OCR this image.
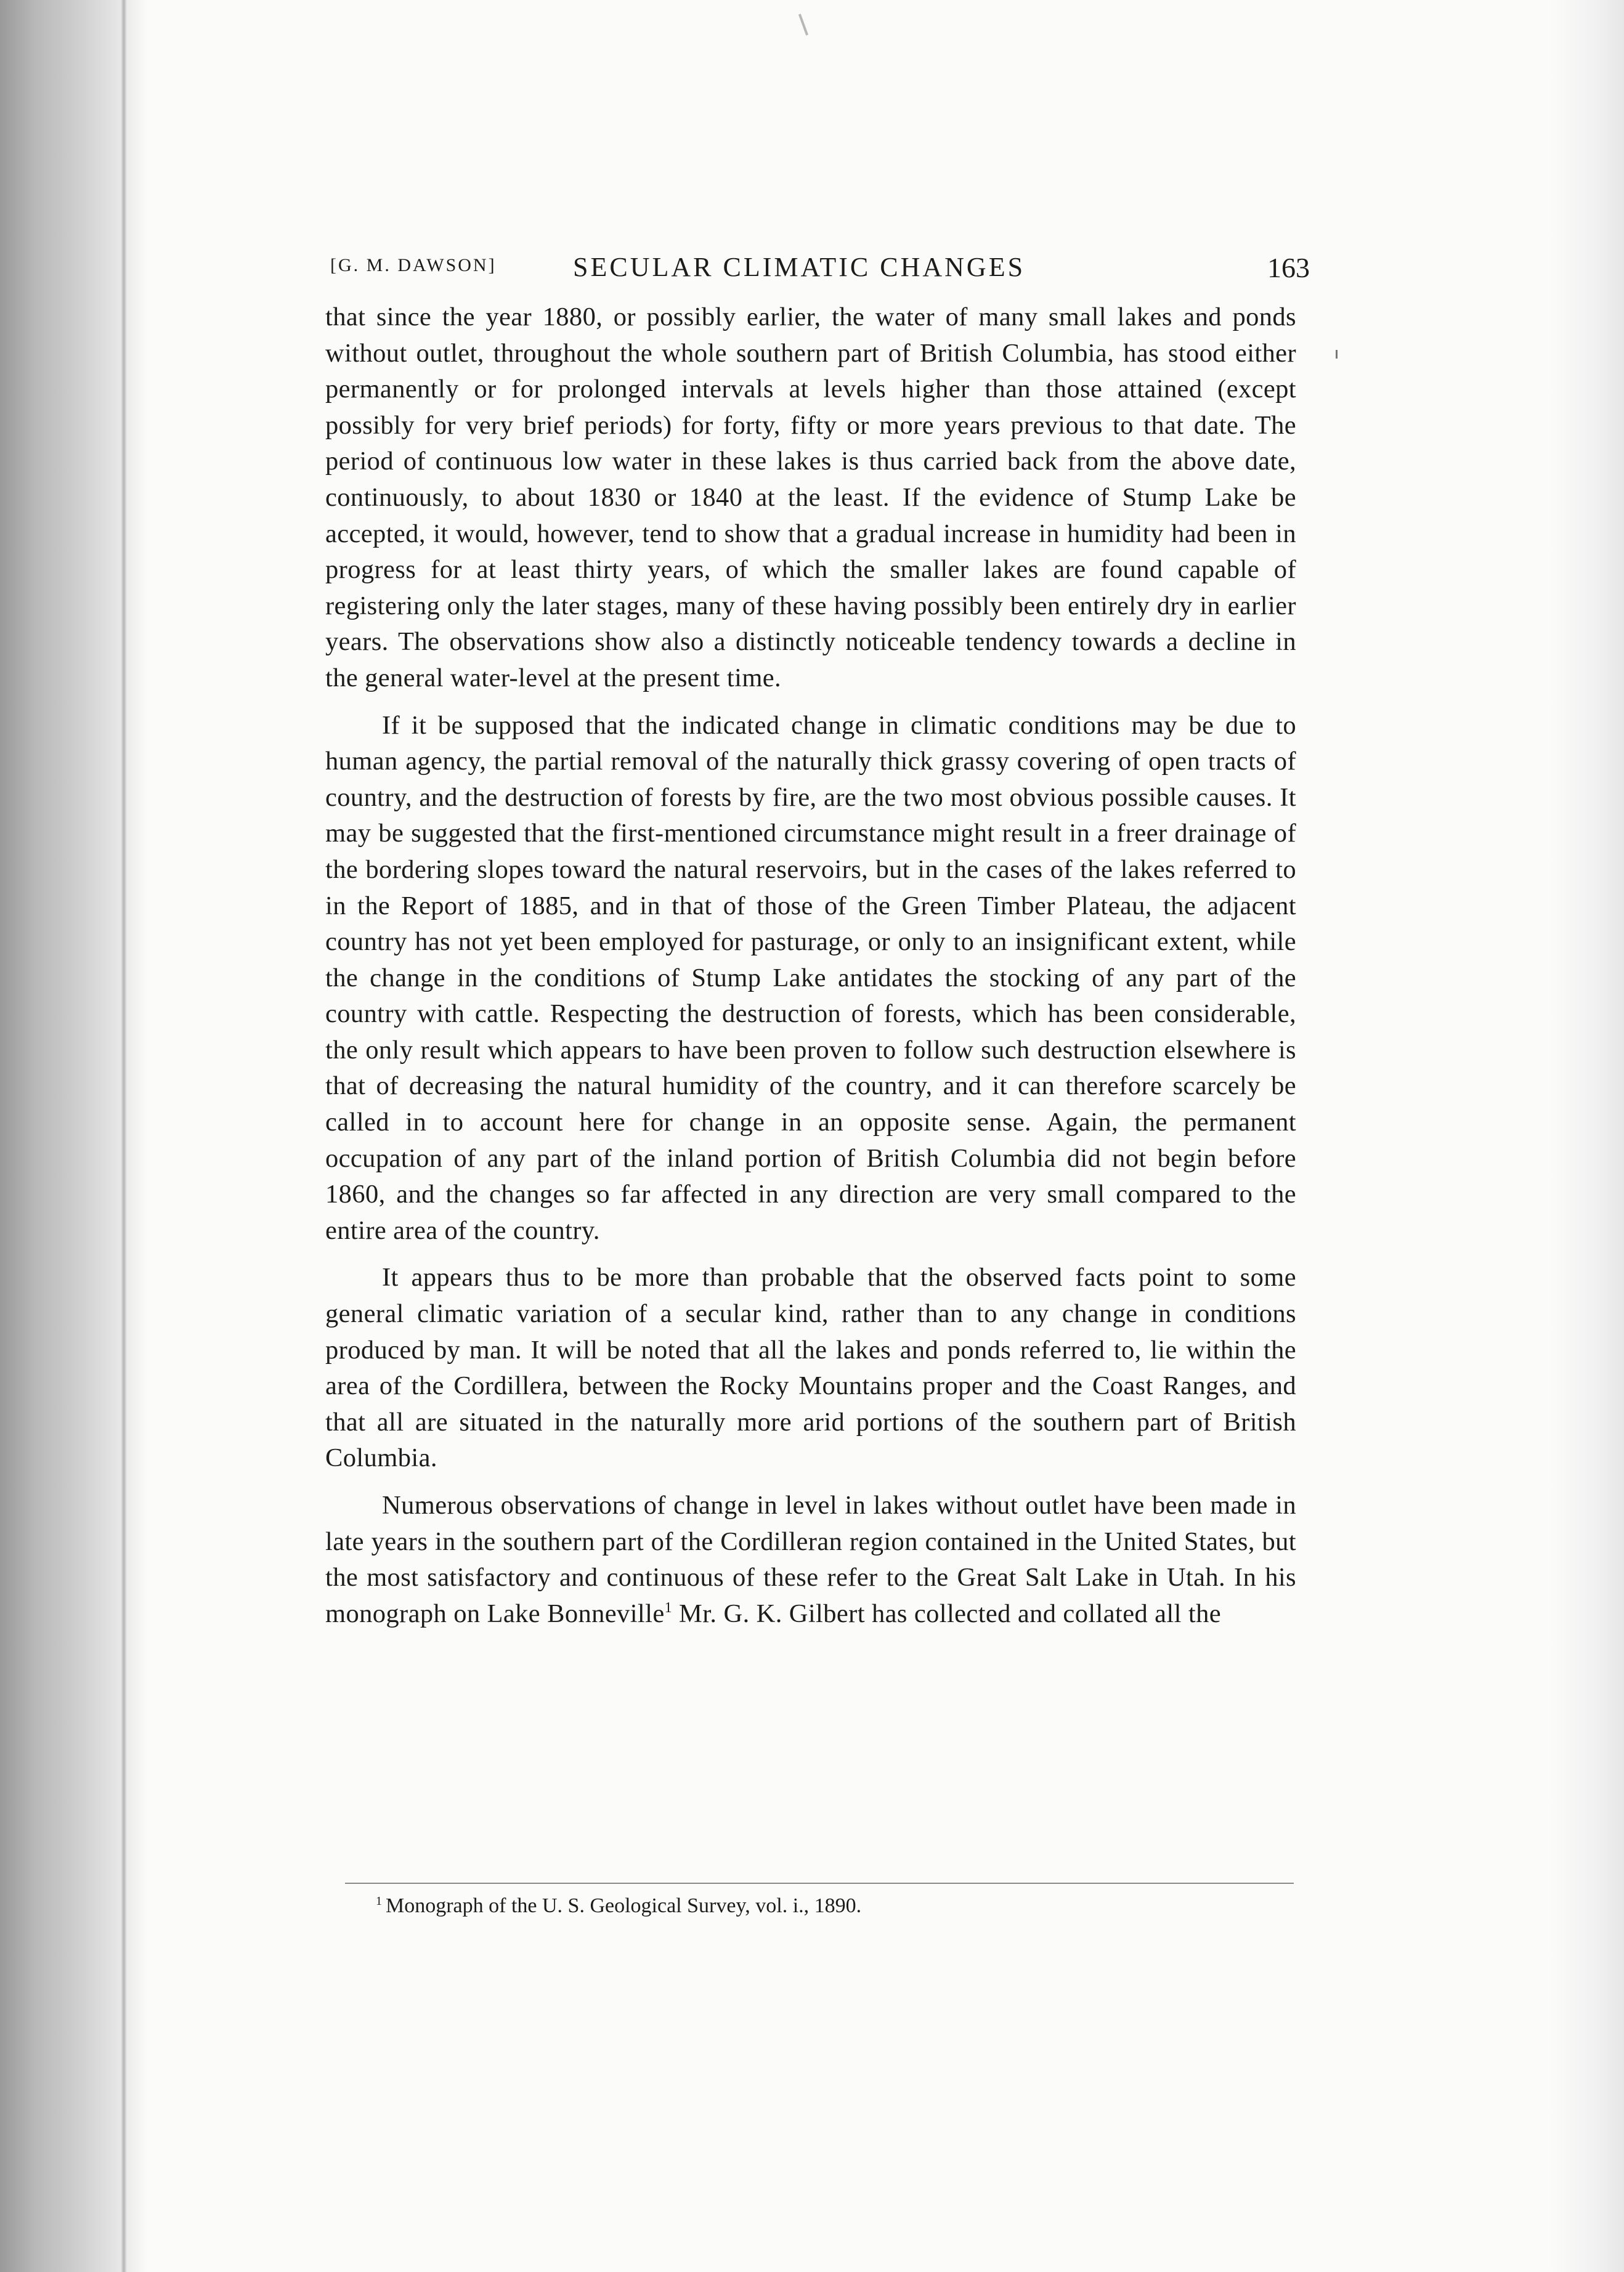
[G. M. DAWSON]	SECULAR CLIMATIC CHANGES	163

that since the year 1880, or possibly earlier, the water of many small lakes and ponds without outlet, throughout the whole southern part of British Columbia, has stood either permanently or for prolonged intervals at levels higher than those attained (except possibly for very brief periods) for forty, fifty or more years previous to that date. The period of continuous low water in these lakes is thus carried back from the above date, continuously, to about 1830 or 1840 at the least. If the evidence of Stump Lake be accepted, it would, however, tend to show that a gradual increase in humidity had been in progress for at least thirty years, of which the smaller lakes are found capable of registering only the later stages, many of these having possibly been entirely dry in earlier years. The observations show also a distinctly noticeable tendency towards a decline in the general water-level at the present time.

If it be supposed that the indicated change in climatic conditions may be due to human agency, the partial removal of the naturally thick grassy covering of open tracts of country, and the destruction of forests by fire, are the two most obvious possible causes. It may be suggested that the first-mentioned circumstance might result in a freer drainage of the bordering slopes toward the natural reservoirs, but in the cases of the lakes referred to in the Report of 1885, and in that of those of the Green Timber Plateau, the adjacent country has not yet been employed for pasturage, or only to an insignificant extent, while the change in the conditions of Stump Lake antidates the stocking of any part of the country with cattle. Respecting the destruction of forests, which has been considerable, the only result which appears to have been proven to follow such destruction elsewhere is that of decreasing the natural humidity of the country, and it can therefore scarcely be called in to account here for change in an opposite sense. Again, the permanent occupation of any part of the inland portion of British Columbia did not begin before 1860, and the changes so far affected in any direction are very small compared to the entire area of the country.

It appears thus to be more than probable that the observed facts point to some general climatic variation of a secular kind, rather than to any change in conditions produced by man. It will be noted that all the lakes and ponds referred to, lie within the area of the Cordillera, between the Rocky Mountains proper and the Coast Ranges, and that all are situated in the naturally more arid portions of the southern part of British Columbia.

Numerous observations of change in level in lakes without outlet have been made in late years in the southern part of the Cordilleran region contained in the United States, but the most satisfactory and continuous of these refer to the Great Salt Lake in Utah. In his monograph on Lake Bonneville$^1$ Mr. G. K. Gilbert has collected and collated all the

$^1$ Monograph of the U. S. Geological Survey, vol. i., 1890.
